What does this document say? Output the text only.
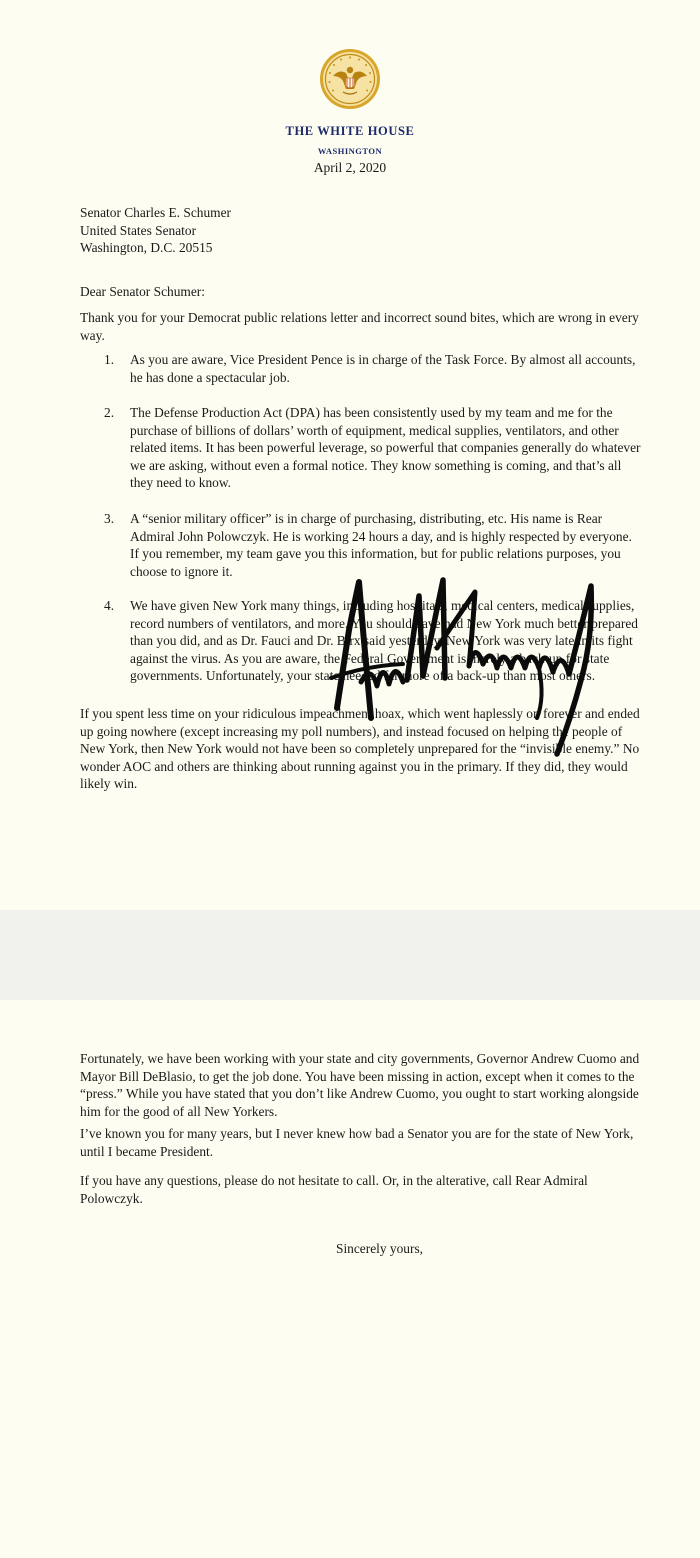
THE WHITE HOUSE
WASHINGTON
April 2, 2020
Senator Charles E. Schumer
United States Senator
Washington, D.C. 20515
Dear Senator Schumer:

Thank you for your Democrat public relations letter and incorrect sound bites, which are wrong in every way.

1. As you are aware, Vice President Pence is in charge of the Task Force. By almost all accounts, he has done a spectacular job.
2. The Defense Production Act (DPA) has been consistently used by my team and me for the purchase of billions of dollars’ worth of equipment, medical supplies, ventilators, and other related items. It has been powerful leverage, so powerful that companies generally do whatever we are asking, without even a formal notice. They know something is coming, and that’s all they need to know.
3. A “senior military officer” is in charge of purchasing, distributing, etc. His name is Rear Admiral John Polowczyk. He is working 24 hours a day, and is highly respected by everyone. If you remember, my team gave you this information, but for public relations purposes, you choose to ignore it.
4. We have given New York many things, including hospitals, medical centers, medical supplies, record numbers of ventilators, and more. You should have had New York much better prepared than you did, and as Dr. Fauci and Dr. Birx said yesterday, New York was very late in its fight against the virus. As you are aware, the Federal Government is merely a back-up for state governments. Unfortunately, your state needed far more of a back-up than most others.

If you spent less time on your ridiculous impeachment hoax, which went haplessly on forever and ended up going nowhere (except increasing my poll numbers), and instead focused on helping the people of New York, then New York would not have been so completely unprepared for the “invisible enemy.” No wonder AOC and others are thinking about running against you in the primary. If they did, they would likely win.

Fortunately, we have been working with your state and city governments, Governor Andrew Cuomo and Mayor Bill DeBlasio, to get the job done. You have been missing in action, except when it comes to the “press.” While you have stated that you don’t like Andrew Cuomo, you ought to start working alongside him for the good of all New Yorkers.

I’ve known you for many years, but I never knew how bad a Senator you are for the state of New York, until I became President.

If you have any questions, please do not hesitate to call. Or, in the alterative, call Rear Admiral Polowczyk.

Sincerely yours,
